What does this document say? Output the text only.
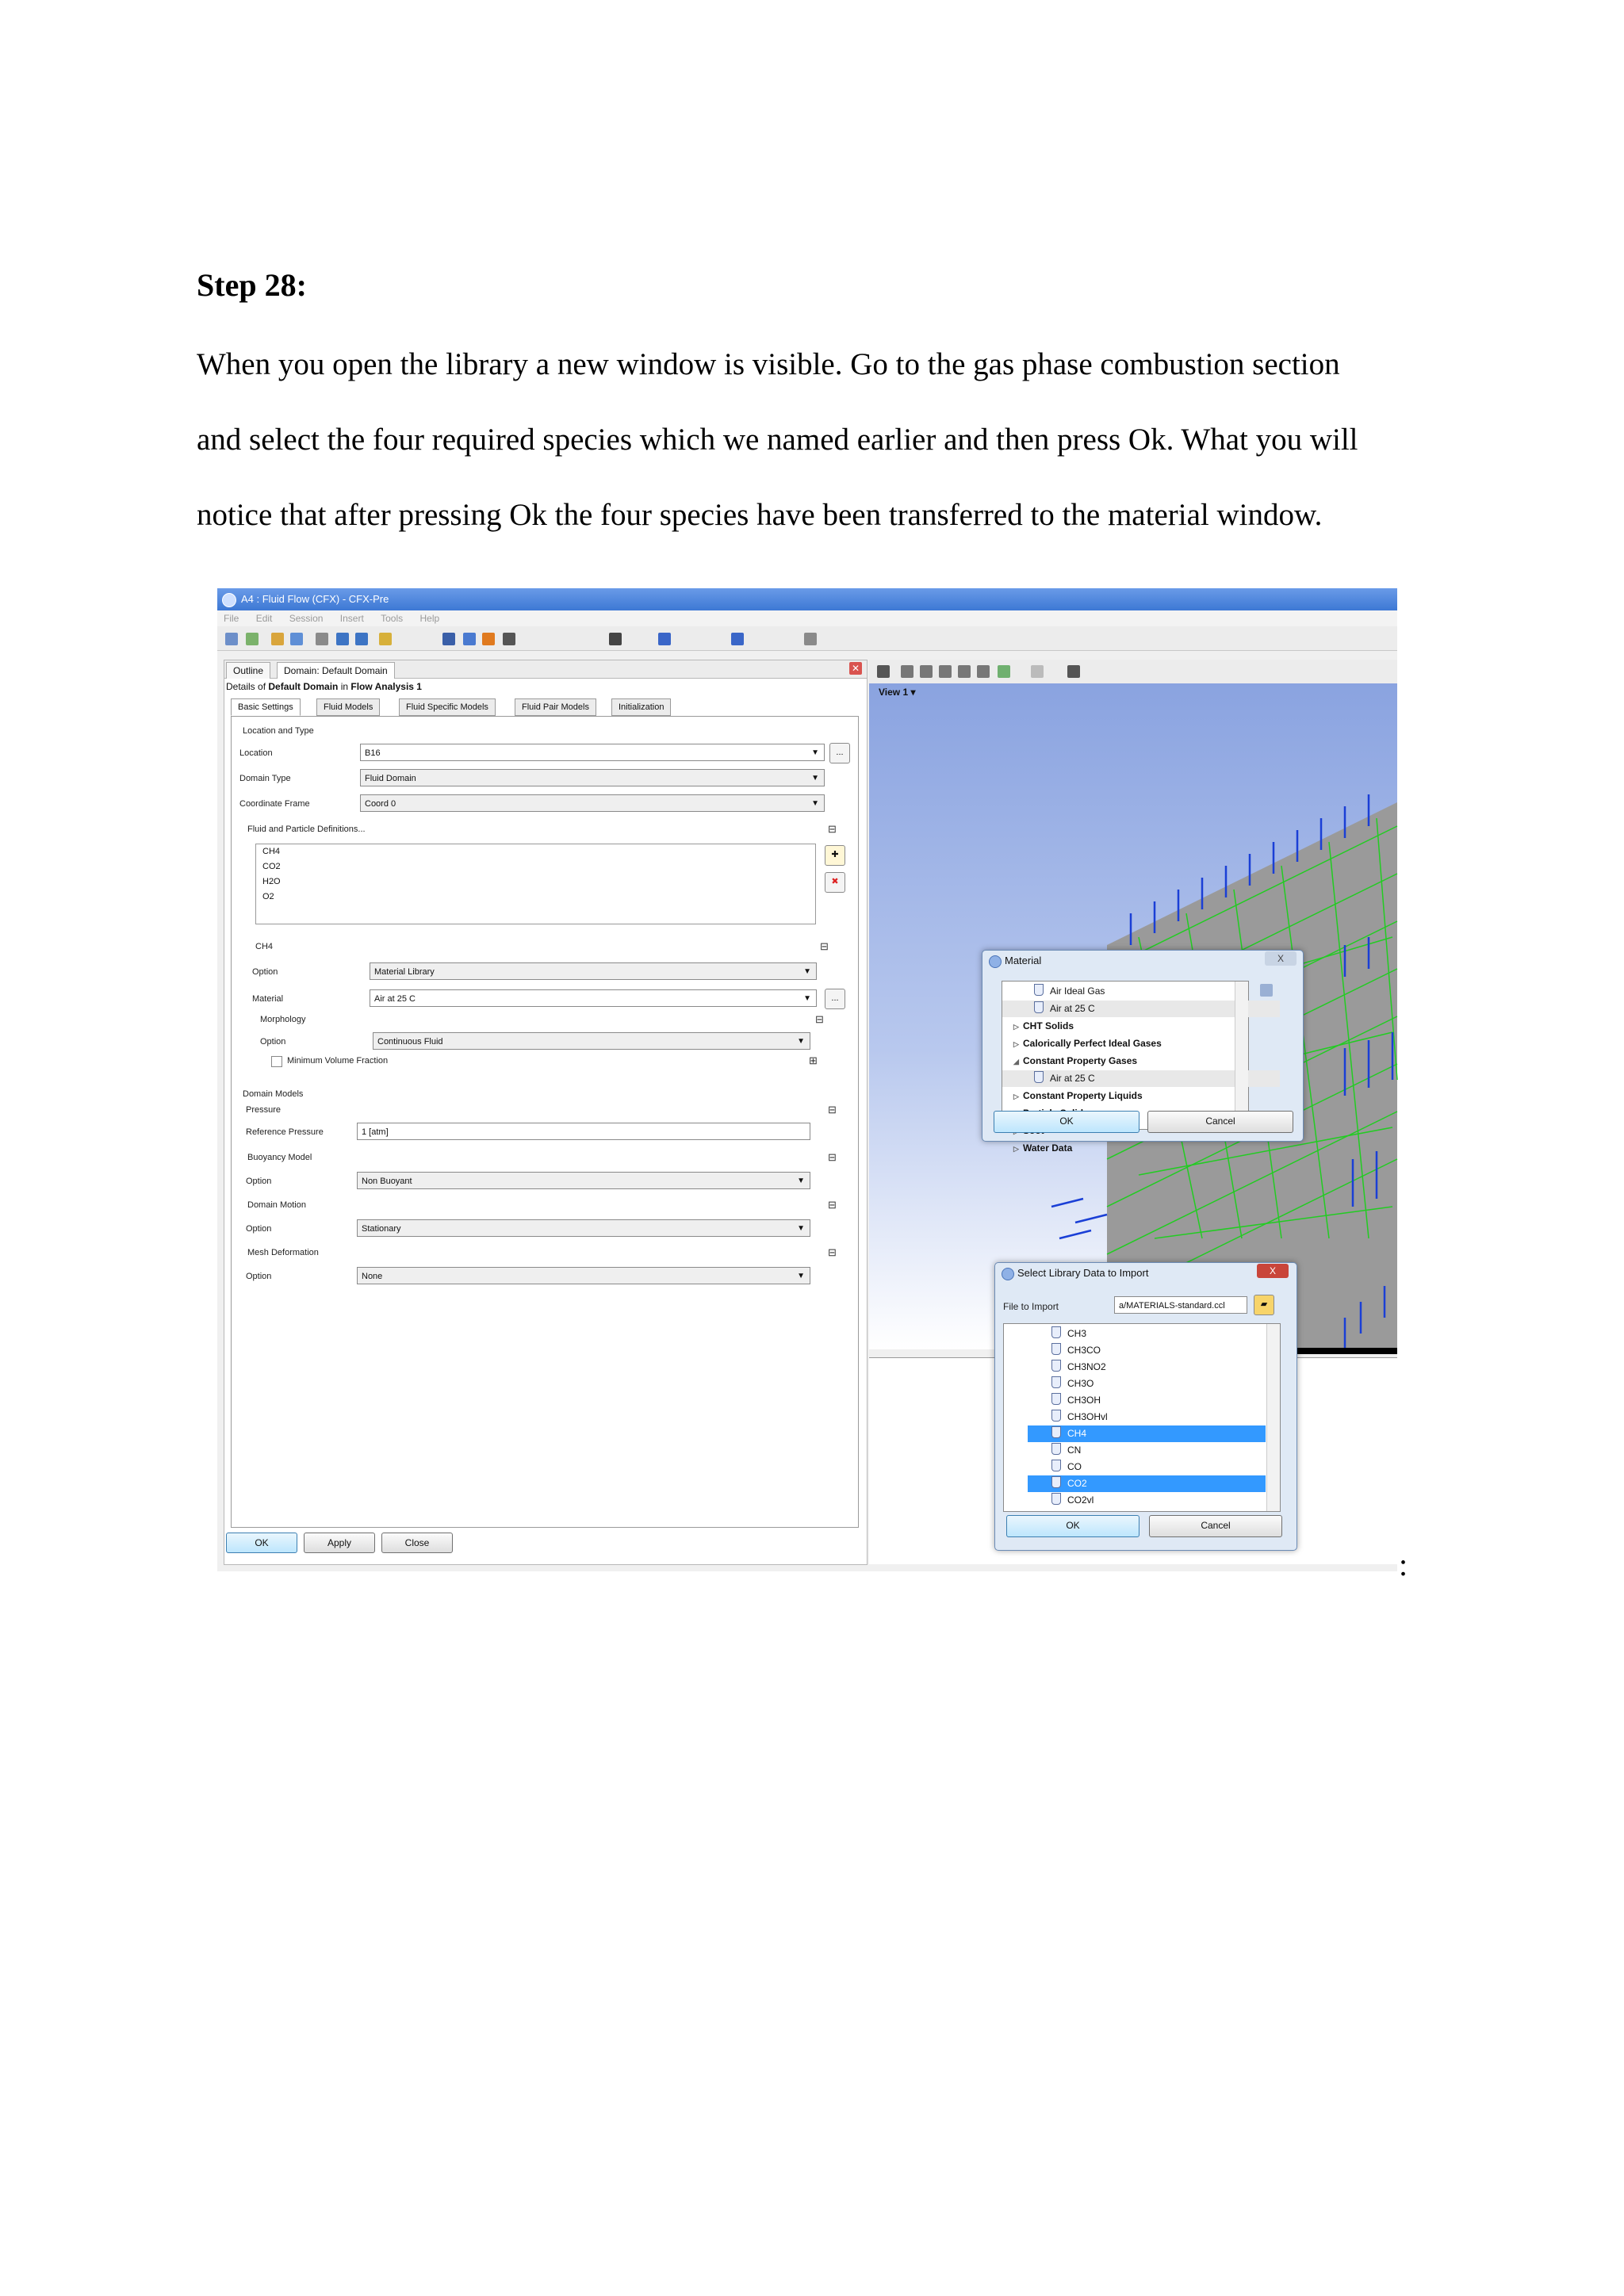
Step 28:

When you open the library a new window is visible. Go to the gas phase combustion section

and select the four required species which we named earlier and then press Ok. What you will

notice that after pressing Ok the four species have been transferred to the material window.

A4 : Fluid Flow (CFX) - CFX-Pre
File Edit Session Insert Tools Help
Outline	Domain: Default Domain	✕
Details of Default Domain in Flow Analysis 1
Basic Settings	Fluid Models	Fluid Specific Models	Fluid Pair Models	Initialization
Location and Type
Location	B16	▼	...
Domain Type	Fluid Domain	▼
Coordinate Frame	Coord 0	▼
Fluid and Particle Definitions...	⊟
CH4
CO2
H2O
O2
✚
✖
CH4	⊟
Option	Material Library	▼
Material	Air at 25 C	▼	...
Morphology	⊟
Option	Continuous Fluid	▼
Minimum Volume Fraction	⊞
Domain Models
Pressure	⊟
Reference Pressure	1 [atm]
Buoyancy Model	⊟
Option	Non Buoyant	▼
Domain Motion	⊟
Option	Stationary	▼
Mesh Deformation	⊟
Option	None	▼
OK	Apply	Close
View 1 ▾
Material	X
Air Ideal Gas
Air at 25 C
▷ CHT Solids
▷ Calorically Perfect Ideal Gases
◢ Constant Property Gases
Air at 25 C
▷ Constant Property Liquids
▷ Water Data
OK	Cancel
Select Library Data to Import	X
File to Import	a/MATERIALS-standard.ccl	▰
CH3
CH3CO
CH3NO2
CH3O
CH3OH
CH3OHvl
CH4
CN
CO
CO2
CO2vl
OK	Cancel
:
